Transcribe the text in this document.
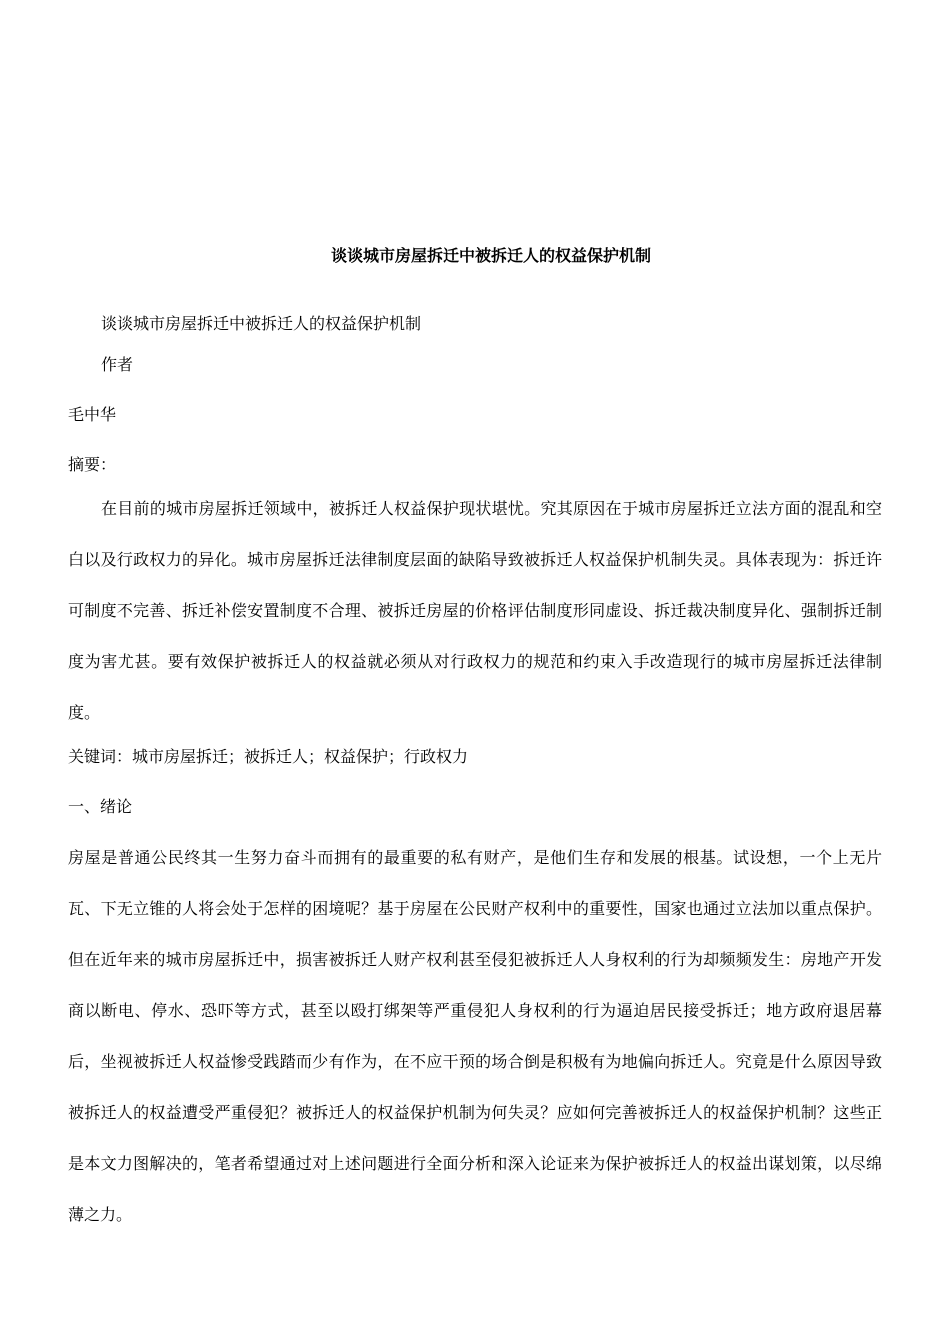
谈谈城市房屋拆迁中被拆迁人的权益保护机制
谈谈城市房屋拆迁中被拆迁人的权益保护机制
作者
毛中华
摘要：
在目前的城市房屋拆迁领域中，被拆迁人权益保护现状堪忧。究其原因在于城市房屋拆迁立法方面的混乱和空白以及行政权力的异化。城市房屋拆迁法律制度层面的缺陷导致被拆迁人权益保护机制失灵。具体表现为：拆迁许可制度不完善、拆迁补偿安置制度不合理、被拆迁房屋的价格评估制度形同虚设、拆迁裁决制度异化、强制拆迁制度为害尤甚。要有效保护被拆迁人的权益就必须从对行政权力的规范和约束入手改造现行的城市房屋拆迁法律制度。
关键词：城市房屋拆迁；被拆迁人；权益保护；行政权力
一、绪论
房屋是普通公民终其一生努力奋斗而拥有的最重要的私有财产，是他们生存和发展的根基。试设想，一个上无片瓦、下无立锥的人将会处于怎样的困境呢？基于房屋在公民财产权利中的重要性，国家也通过立法加以重点保护。但在近年来的城市房屋拆迁中，损害被拆迁人财产权利甚至侵犯被拆迁人人身权利的行为却频频发生：房地产开发商以断电、停水、恐吓等方式，甚至以殴打绑架等严重侵犯人身权利的行为逼迫居民接受拆迁；地方政府退居幕后，坐视被拆迁人权益惨受践踏而少有作为，在不应干预的场合倒是积极有为地偏向拆迁人。究竟是什么原因导致被拆迁人的权益遭受严重侵犯？被拆迁人的权益保护机制为何失灵？应如何完善被拆迁人的权益保护机制？这些正是本文力图解决的，笔者希望通过对上述问题进行全面分析和深入论证来为保护被拆迁人的权益出谋划策，以尽绵薄之力。
